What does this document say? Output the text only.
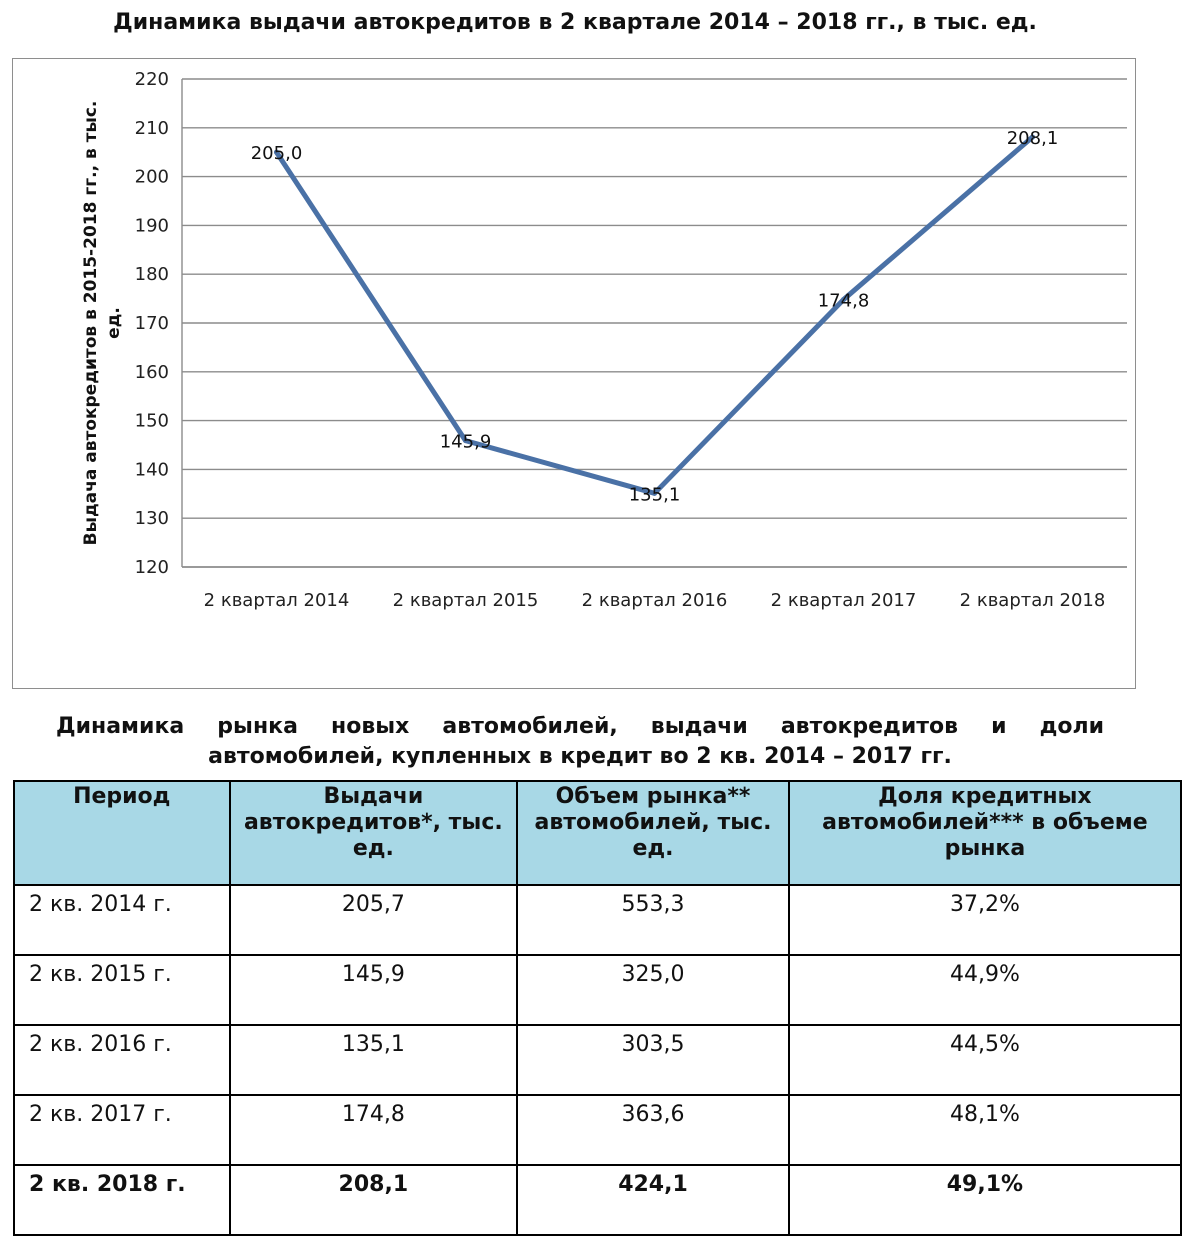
Динамика выдачи автокредитов в 2 квартале 2014 – 2018 гг., в тыс. ед.
120
130
140
150
160
170
180
190
200
210
220
2 квартал 2014 2 квартал 2015 2 квартал 2016 2 квартал 2017 2 квартал 2018
205,0
145,9
135,1
174,8
208,1
Выдача автокредитов в 2015-2018 гг., в тыс. ед.
Динамика рынка новых автомобилей, выдачи автокредитов и доли
автомобилей, купленных в кредит во 2 кв. 2014 – 2017 гг.
Период	Выдачи автокредитов*, тыс. ед.	Объем рынка** автомобилей, тыс. ед.	Доля кредитных автомобилей*** в объеме рынка
2 кв. 2014 г.	205,7	553,3	37,2%
2 кв. 2015 г.	145,9	325,0	44,9%
2 кв. 2016 г.	135,1	303,5	44,5%
2 кв. 2017 г.	174,8	363,6	48,1%
2 кв. 2018 г.	208,1	424,1	49,1%
